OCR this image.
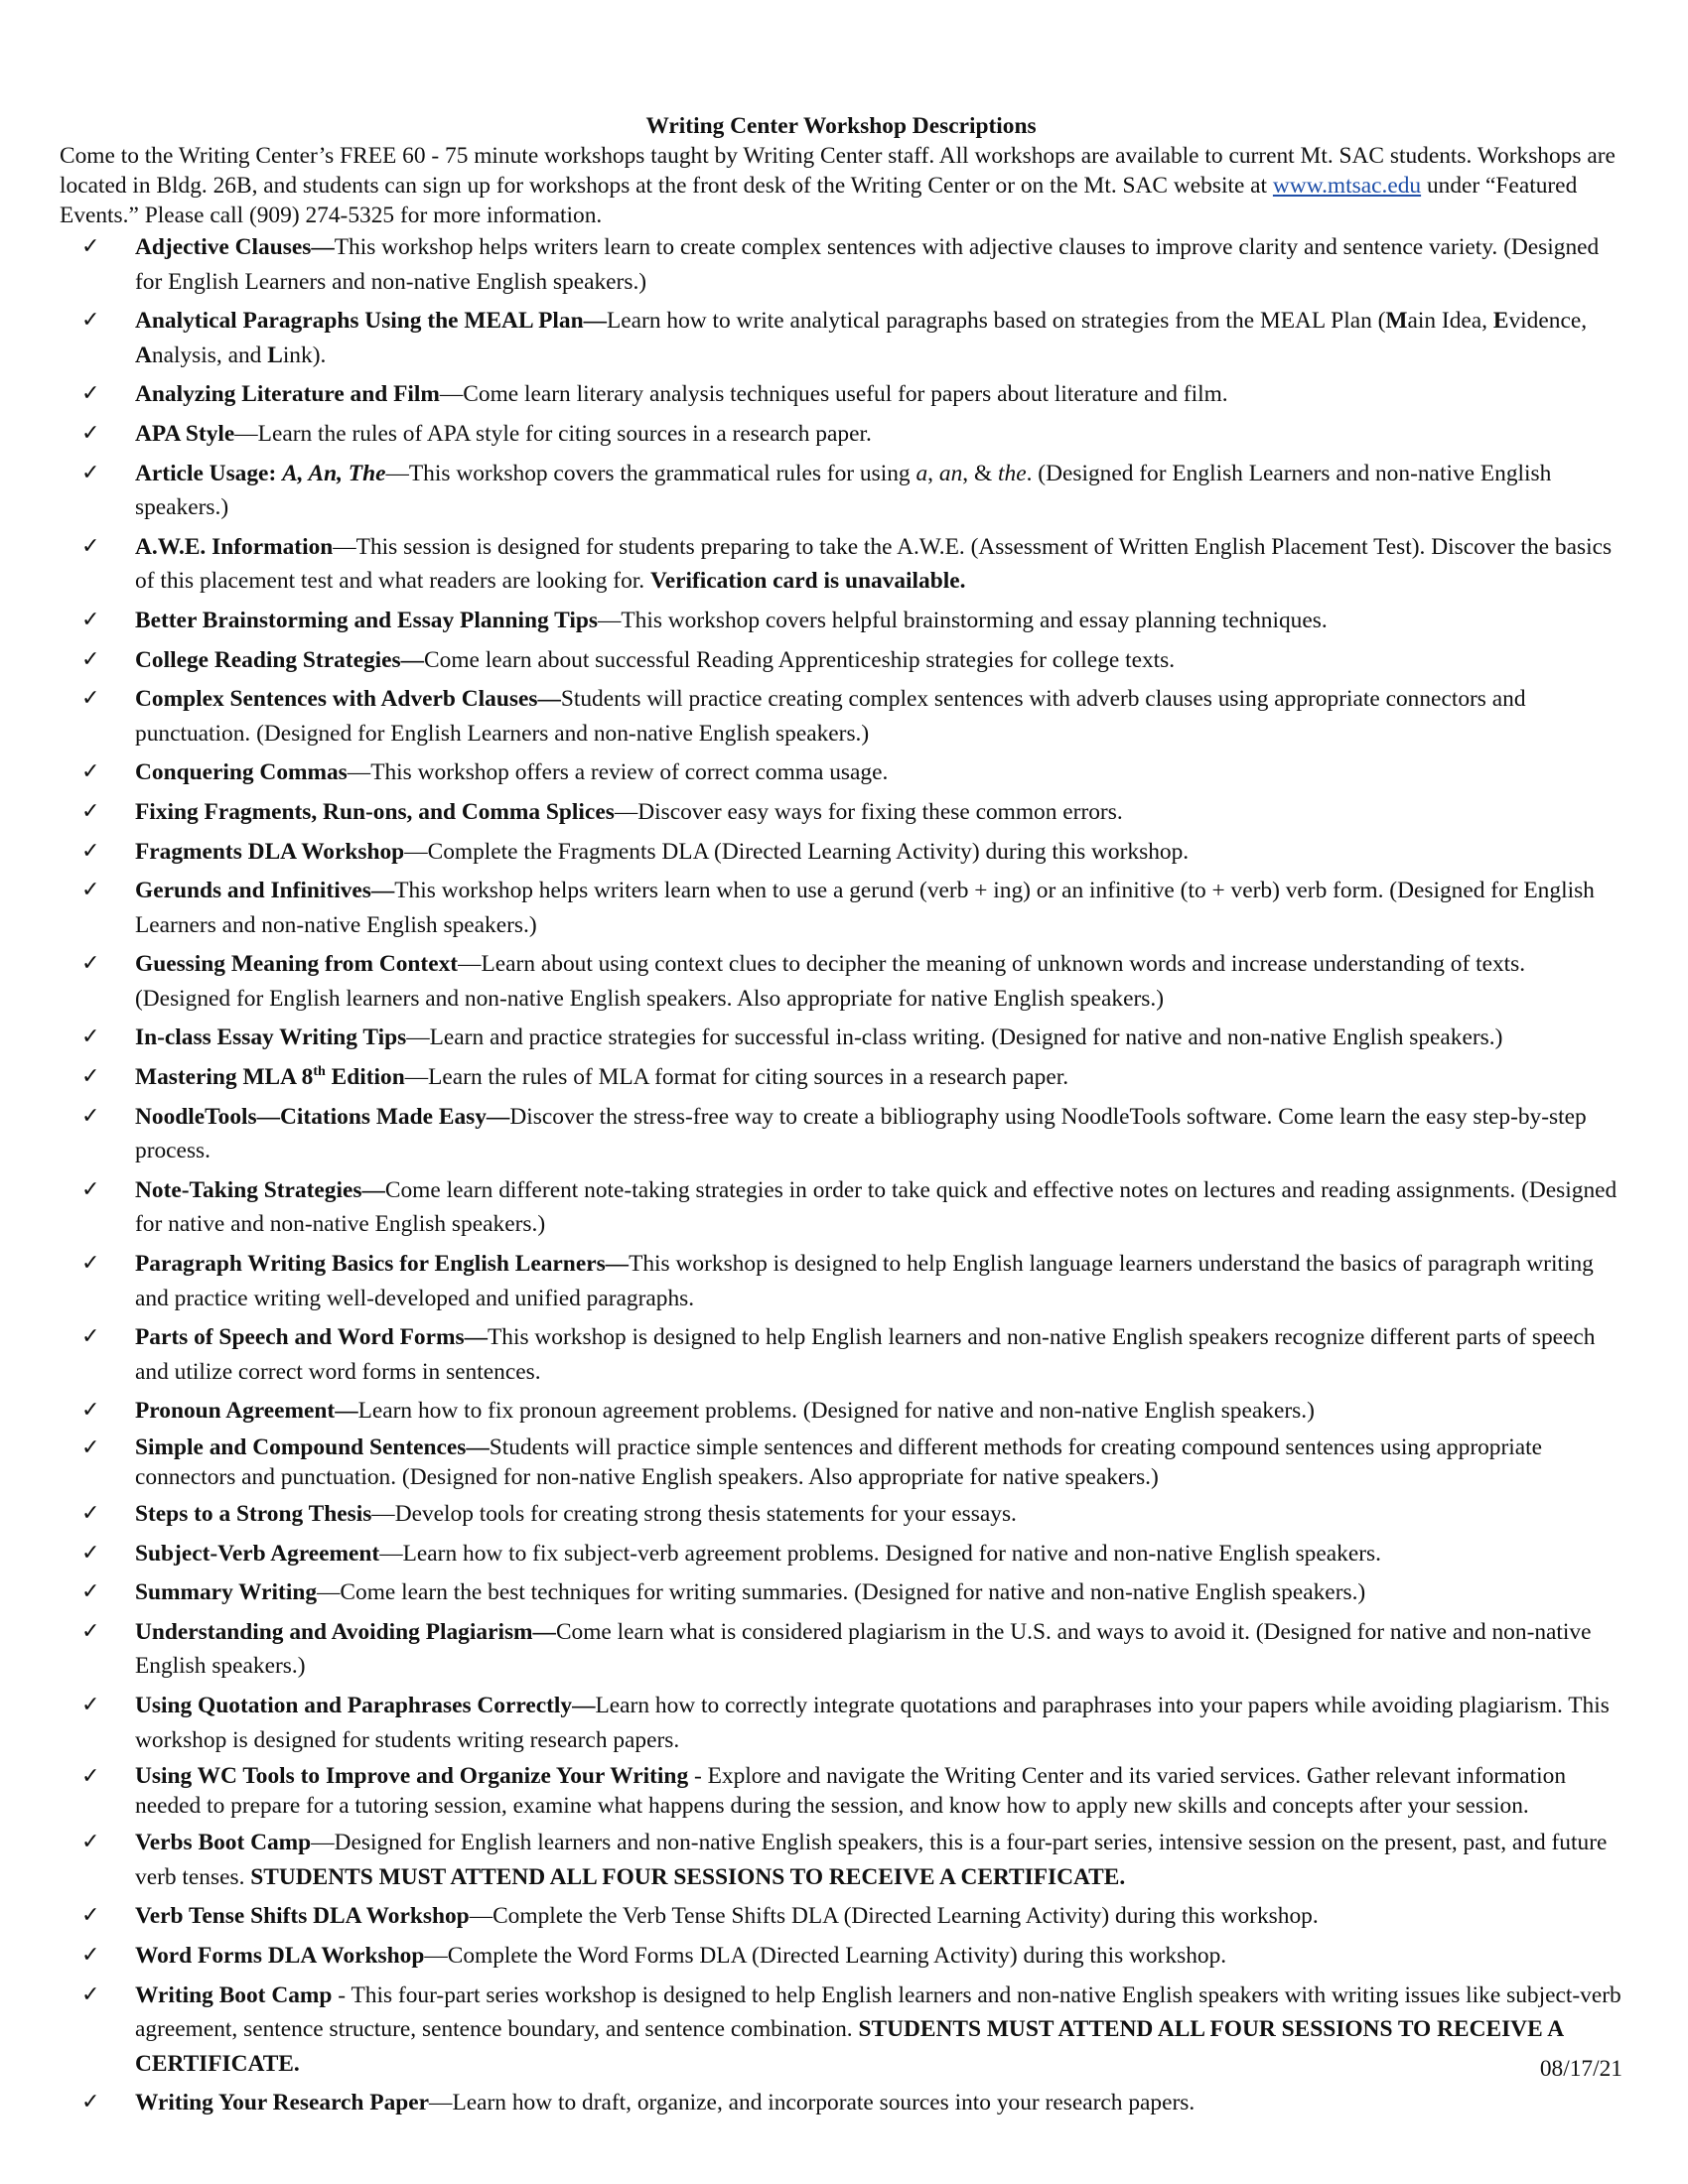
Writing Center Workshop Descriptions

Come to the Writing Center’s FREE 60 - 75 minute workshops taught by Writing Center staff. All workshops are available to current Mt. SAC students. Workshops are located in Bldg. 26B, and students can sign up for workshops at the front desk of the Writing Center or on the Mt. SAC website at www.mtsac.edu under “Featured Events.” Please call (909) 274-5325 for more information.

✓	Adjective Clauses—This workshop helps writers learn to create complex sentences with adjective clauses to improve clarity and sentence variety. (Designed for English Learners and non-native English speakers.)
✓	Analytical Paragraphs Using the MEAL Plan—Learn how to write analytical paragraphs based on strategies from the MEAL Plan (Main Idea, Evidence, Analysis, and Link).
✓	Analyzing Literature and Film—Come learn literary analysis techniques useful for papers about literature and film.
✓	APA Style—Learn the rules of APA style for citing sources in a research paper.
✓	Article Usage: A, An, The—This workshop covers the grammatical rules for using a, an, & the. (Designed for English Learners and non-native English speakers.)
✓	A.W.E. Information—This session is designed for students preparing to take the A.W.E. (Assessment of Written English Placement Test). Discover the basics of this placement test and what readers are looking for. Verification card is unavailable.
✓	Better Brainstorming and Essay Planning Tips—This workshop covers helpful brainstorming and essay planning techniques.
✓	College Reading Strategies—Come learn about successful Reading Apprenticeship strategies for college texts.
✓	Complex Sentences with Adverb Clauses—Students will practice creating complex sentences with adverb clauses using appropriate connectors and punctuation. (Designed for English Learners and non-native English speakers.)
✓	Conquering Commas—This workshop offers a review of correct comma usage.
✓	Fixing Fragments, Run-ons, and Comma Splices—Discover easy ways for fixing these common errors.
✓	Fragments DLA Workshop—Complete the Fragments DLA (Directed Learning Activity) during this workshop.
✓	Gerunds and Infinitives—This workshop helps writers learn when to use a gerund (verb + ing) or an infinitive (to + verb) verb form. (Designed for English Learners and non-native English speakers.)
✓	Guessing Meaning from Context—Learn about using context clues to decipher the meaning of unknown words and increase understanding of texts. (Designed for English learners and non-native English speakers. Also appropriate for native English speakers.)
✓	In-class Essay Writing Tips—Learn and practice strategies for successful in-class writing. (Designed for native and non-native English speakers.)
✓	Mastering MLA 8th Edition—Learn the rules of MLA format for citing sources in a research paper.
✓	NoodleTools—Citations Made Easy—Discover the stress-free way to create a bibliography using NoodleTools software. Come learn the easy step-by-step process.
✓	Note-Taking Strategies—Come learn different note-taking strategies in order to take quick and effective notes on lectures and reading assignments. (Designed for native and non-native English speakers.)
✓	Paragraph Writing Basics for English Learners—This workshop is designed to help English language learners understand the basics of paragraph writing and practice writing well-developed and unified paragraphs.
✓	Parts of Speech and Word Forms—This workshop is designed to help English learners and non-native English speakers recognize different parts of speech and utilize correct word forms in sentences.
✓	Pronoun Agreement—Learn how to fix pronoun agreement problems. (Designed for native and non-native English speakers.)
✓	Simple and Compound Sentences—Students will practice simple sentences and different methods for creating compound sentences using appropriate connectors and punctuation. (Designed for non-native English speakers. Also appropriate for native speakers.)
✓	Steps to a Strong Thesis—Develop tools for creating strong thesis statements for your essays.
✓	Subject-Verb Agreement—Learn how to fix subject-verb agreement problems. Designed for native and non-native English speakers.
✓	Summary Writing—Come learn the best techniques for writing summaries. (Designed for native and non-native English speakers.)
✓	Understanding and Avoiding Plagiarism—Come learn what is considered plagiarism in the U.S. and ways to avoid it. (Designed for native and non-native English speakers.)
✓	Using Quotation and Paraphrases Correctly—Learn how to correctly integrate quotations and paraphrases into your papers while avoiding plagiarism. This workshop is designed for students writing research papers.
✓	Using WC Tools to Improve and Organize Your Writing - Explore and navigate the Writing Center and its varied services. Gather relevant information needed to prepare for a tutoring session, examine what happens during the session, and know how to apply new skills and concepts after your session.
✓	Verbs Boot Camp—Designed for English learners and non-native English speakers, this is a four-part series, intensive session on the present, past, and future verb tenses. STUDENTS MUST ATTEND ALL FOUR SESSIONS TO RECEIVE A CERTIFICATE.
✓	Verb Tense Shifts DLA Workshop—Complete the Verb Tense Shifts DLA (Directed Learning Activity) during this workshop.
✓	Word Forms DLA Workshop—Complete the Word Forms DLA (Directed Learning Activity) during this workshop.
✓	Writing Boot Camp - This four-part series workshop is designed to help English learners and non-native English speakers with writing issues like subject-verb agreement, sentence structure, sentence boundary, and sentence combination. STUDENTS MUST ATTEND ALL FOUR SESSIONS TO RECEIVE A CERTIFICATE.
✓	Writing Your Research Paper—Learn how to draft, organize, and incorporate sources into your research papers.
08/17/21
